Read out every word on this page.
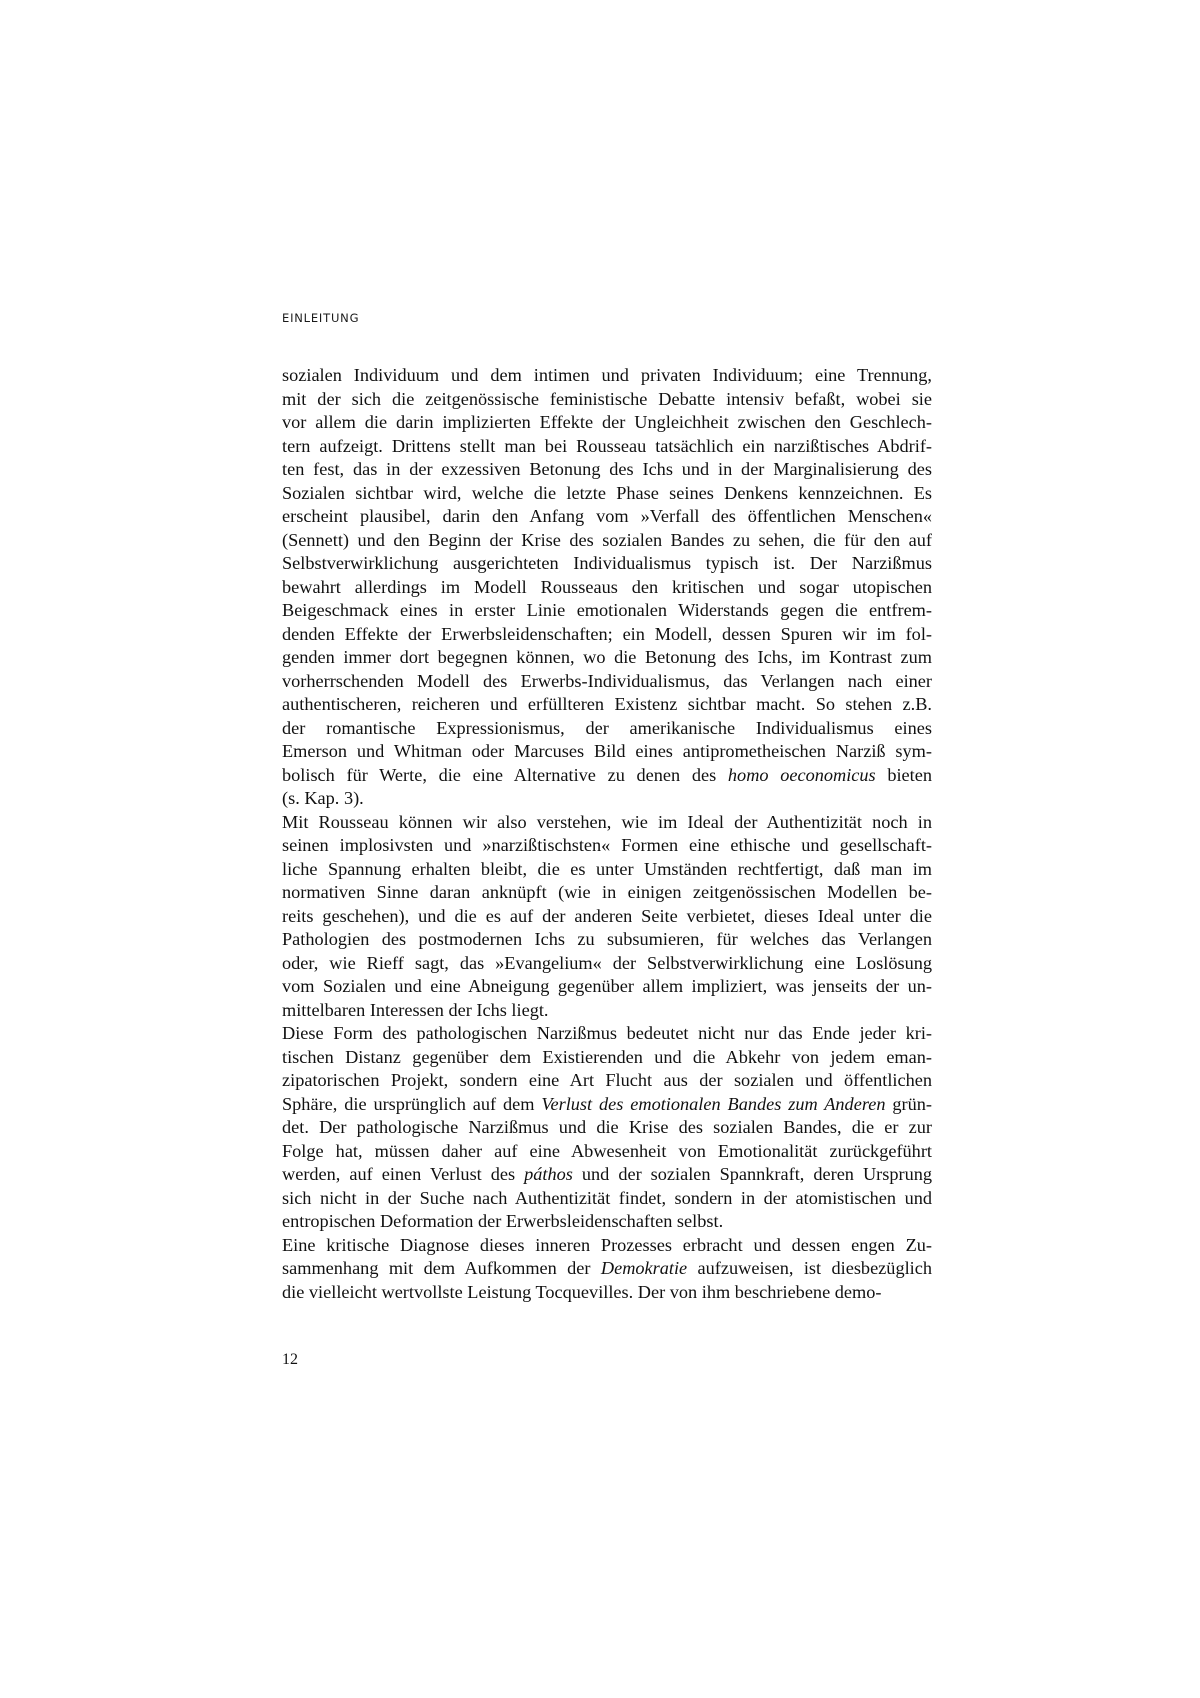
EINLEITUNG
sozialen Individuum und dem intimen und privaten Individuum; eine Trennung,
mit der sich die zeitgenössische feministische Debatte intensiv befaßt, wobei sie
vor allem die darin implizierten Effekte der Ungleichheit zwischen den Geschlech-
tern aufzeigt. Drittens stellt man bei Rousseau tatsächlich ein narzißtisches Abdrif-
ten fest, das in der exzessiven Betonung des Ichs und in der Marginalisierung des
Sozialen sichtbar wird, welche die letzte Phase seines Denkens kennzeichnen. Es
erscheint plausibel, darin den Anfang vom »Verfall des öffentlichen Menschen«
(Sennett) und den Beginn der Krise des sozialen Bandes zu sehen, die für den auf
Selbstverwirklichung ausgerichteten Individualismus typisch ist. Der Narzißmus
bewahrt allerdings im Modell Rousseaus den kritischen und sogar utopischen
Beigeschmack eines in erster Linie emotionalen Widerstands gegen die entfrem-
denden Effekte der Erwerbsleidenschaften; ein Modell, dessen Spuren wir im fol-
genden immer dort begegnen können, wo die Betonung des Ichs, im Kontrast zum
vorherrschenden Modell des Erwerbs-Individualismus, das Verlangen nach einer
authentischeren, reicheren und erfüllteren Existenz sichtbar macht. So stehen z.B.
der romantische Expressionismus, der amerikanische Individualismus eines
Emerson und Whitman oder Marcuses Bild eines antiprometheischen Narziß sym-
bolisch für Werte, die eine Alternative zu denen des homo oeconomicus bieten
(s. Kap. 3).
Mit Rousseau können wir also verstehen, wie im Ideal der Authentizität noch in
seinen implosivsten und »narzißtischsten« Formen eine ethische und gesellschaft-
liche Spannung erhalten bleibt, die es unter Umständen rechtfertigt, daß man im
normativen Sinne daran anknüpft (wie in einigen zeitgenössischen Modellen be-
reits geschehen), und die es auf der anderen Seite verbietet, dieses Ideal unter die
Pathologien des postmodernen Ichs zu subsumieren, für welches das Verlangen
oder, wie Rieff sagt, das »Evangelium« der Selbstverwirklichung eine Loslösung
vom Sozialen und eine Abneigung gegenüber allem impliziert, was jenseits der un-
mittelbaren Interessen der Ichs liegt.
Diese Form des pathologischen Narzißmus bedeutet nicht nur das Ende jeder kri-
tischen Distanz gegenüber dem Existierenden und die Abkehr von jedem eman-
zipatorischen Projekt, sondern eine Art Flucht aus der sozialen und öffentlichen
Sphäre, die ursprünglich auf dem Verlust des emotionalen Bandes zum Anderen grün-
det. Der pathologische Narzißmus und die Krise des sozialen Bandes, die er zur
Folge hat, müssen daher auf eine Abwesenheit von Emotionalität zurückgeführt
werden, auf einen Verlust des páthos und der sozialen Spannkraft, deren Ursprung
sich nicht in der Suche nach Authentizität findet, sondern in der atomistischen und
entropischen Deformation der Erwerbsleidenschaften selbst.
Eine kritische Diagnose dieses inneren Prozesses erbracht und dessen engen Zu-
sammenhang mit dem Aufkommen der Demokratie aufzuweisen, ist diesbezüglich
die vielleicht wertvollste Leistung Tocquevilles. Der von ihm beschriebene demo-
12
